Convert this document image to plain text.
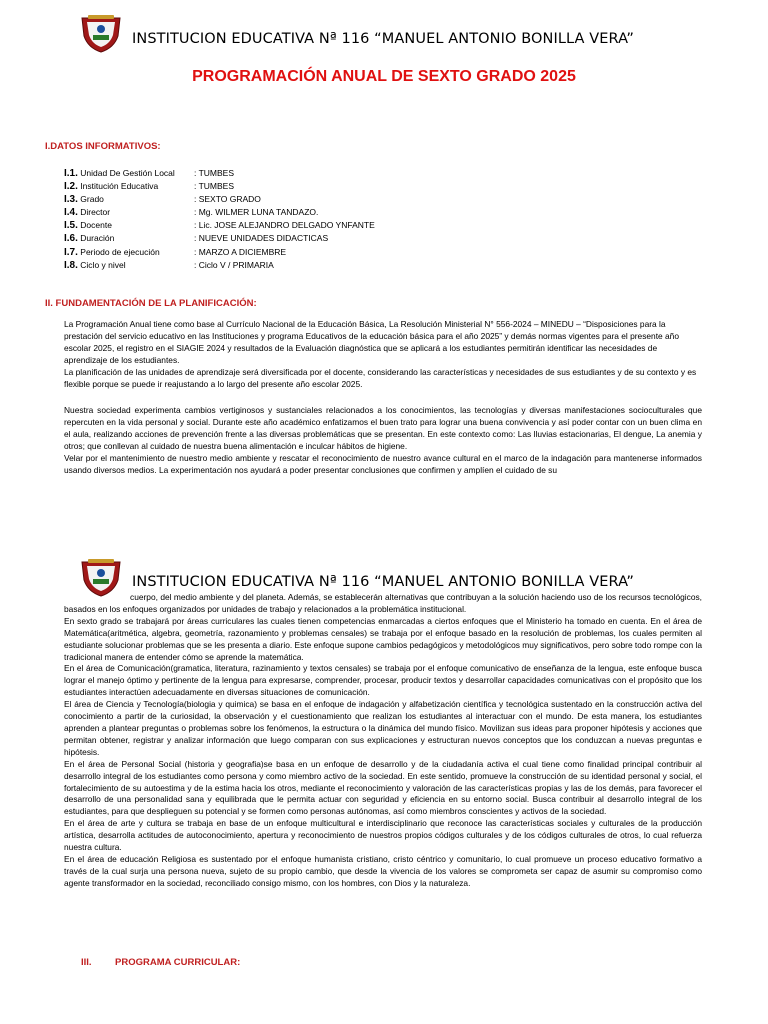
INSTITUCION EDUCATIVA Nª 116 “MANUEL ANTONIO BONILLA VERA”
PROGRAMACIÓN ANUAL DE SEXTO GRADO 2025
I.DATOS INFORMATIVOS:
I.1. Unidad De Gestión Local : TUMBES
I.2. Institución Educativa	: TUMBES
I.3. Grado	: SEXTO GRADO
I.4. Director	: Mg. WILMER LUNA TANDAZO.
I.5. Docente	: Lic. JOSE ALEJANDRO DELGADO YNFANTE
I.6. Duración	: NUEVE UNIDADES DIDACTICAS
I.7. Periodo de ejecución	: MARZO A DICIEMBRE
I.8. Ciclo y nivel	: Ciclo V / PRIMARIA
II. FUNDAMENTACIÓN DE LA PLANIFICACIÓN:

La Programación Anual tiene como base al Currículo Nacional de la Educación Básica, La Resolución Ministerial N° 556-2024 – MINEDU – “Disposiciones para la prestación del servicio educativo en las Instituciones y programa Educativos de la educación básica para el año 2025” y demás normas vigentes para el presente año escolar 2025, el registro en el SIAGIE 2024 y resultados de la Evaluación diagnóstica que se aplicará a los estudiantes permitirán identificar las necesidades de aprendizaje de los estudiantes.

La planificación de las unidades de aprendizaje será diversificada por el docente, considerando las características y necesidades de sus estudiantes y de su contexto y es flexible porque se puede ir reajustando a lo largo del presente año escolar 2025.

Nuestra sociedad experimenta cambios vertiginosos y sustanciales relacionados a los conocimientos, las tecnologías y diversas manifestaciones socioculturales que repercuten en la vida personal y social. Durante este año académico enfatizamos el buen trato para lograr una buena convivencia y así poder contar con un buen clima en el aula, realizando acciones de prevención frente a las diversas problemáticas que se presentan. En este contexto como: Las lluvias estacionarias, El dengue, La anemia y otros; que conllevan al cuidado de nuestra buena alimentación e inculcar hábitos de higiene.

Velar por el mantenimiento de nuestro medio ambiente y rescatar el reconocimiento de nuestro avance cultural en el marco de la indagación para mantenerse informados usando diversos medios. La experimentación nos ayudará a poder presentar conclusiones que confirmen y amplíen el cuidado de su

INSTITUCION EDUCATIVA Nª 116 “MANUEL ANTONIO BONILLA VERA”

cuerpo, del medio ambiente y del planeta. Además, se establecerán alternativas que contribuyan a la solución haciendo uso de los recursos tecnológicos, basados en los enfoques organizados por unidades de trabajo y relacionados a la problemática institucional.

En sexto grado se trabajará por áreas curriculares las cuales tienen competencias enmarcadas a ciertos enfoques que el Ministerio ha tomado en cuenta. En el área de Matemática(aritmética, algebra, geometría, razonamiento y problemas censales) se trabaja por el enfoque basado en la resolución de problemas, los cuales permiten al estudiante solucionar problemas que se les presenta a diario. Este enfoque supone cambios pedagógicos y metodológicos muy significativos, pero sobre todo rompe con la tradicional manera de entender cómo se aprende la matemática.

En el área de Comunicación(gramatica, literatura, razinamiento y textos censales) se trabaja por el enfoque comunicativo de enseñanza de la lengua, este enfoque busca lograr el manejo óptimo y pertinente de la lengua para expresarse, comprender, procesar, producir textos y desarrollar capacidades comunicativas con el propósito que los estudiantes interactúen adecuadamente en diversas situaciones de comunicación.

El área de Ciencia y Tecnología(biologia y quimica) se basa en el enfoque de indagación y alfabetización científica y tecnológica sustentado en la construcción activa del conocimiento a partir de la curiosidad, la observación y el cuestionamiento que realizan los estudiantes al interactuar con el mundo. De esta manera, los estudiantes aprenden a plantear preguntas o problemas sobre los fenómenos, la estructura o la dinámica del mundo físico. Movilizan sus ideas para proponer hipótesis y acciones que permitan obtener, registrar y analizar información que luego comparan con sus explicaciones y estructuran nuevos conceptos que los conduzcan a nuevas preguntas e hipótesis.

En el área de Personal Social (historia y geografia)se basa en un enfoque de desarrollo y de la ciudadanía activa el cual tiene como finalidad principal contribuir al desarrollo integral de los estudiantes como persona y como miembro activo de la sociedad. En este sentido, promueve la construcción de su identidad personal y social, el fortalecimiento de su autoestima y de la estima hacia los otros, mediante el reconocimiento y valoración de las características propias y las de los demás, para favorecer el desarrollo de una personalidad sana y equilibrada que le permita actuar con seguridad y eficiencia en su entorno social. Busca contribuir al desarrollo integral de los estudiantes, para que desplieguen su potencial y se formen como personas autónomas, así como miembros conscientes y activos de la sociedad.

En el área de arte y cultura se trabaja en base de un enfoque multicultural e interdisciplinario que reconoce las características sociales y culturales de la producción artística, desarrolla actitudes de autoconocimiento, apertura y reconocimiento de nuestros propios códigos culturales y de los códigos culturales de otros, lo cual refuerza nuestra cultura.

En el área de educación Religiosa es sustentado por el enfoque humanista cristiano, cristo céntrico y comunitario, lo cual promueve un proceso educativo formativo a través de la cual surja una persona nueva, sujeto de su propio cambio, que desde la vivencia de los valores se comprometa ser capaz de asumir su compromiso como agente transformador en la sociedad, reconciliado consigo mismo, con los hombres, con Dios y la naturaleza.

III. PROGRAMA CURRICULAR:
